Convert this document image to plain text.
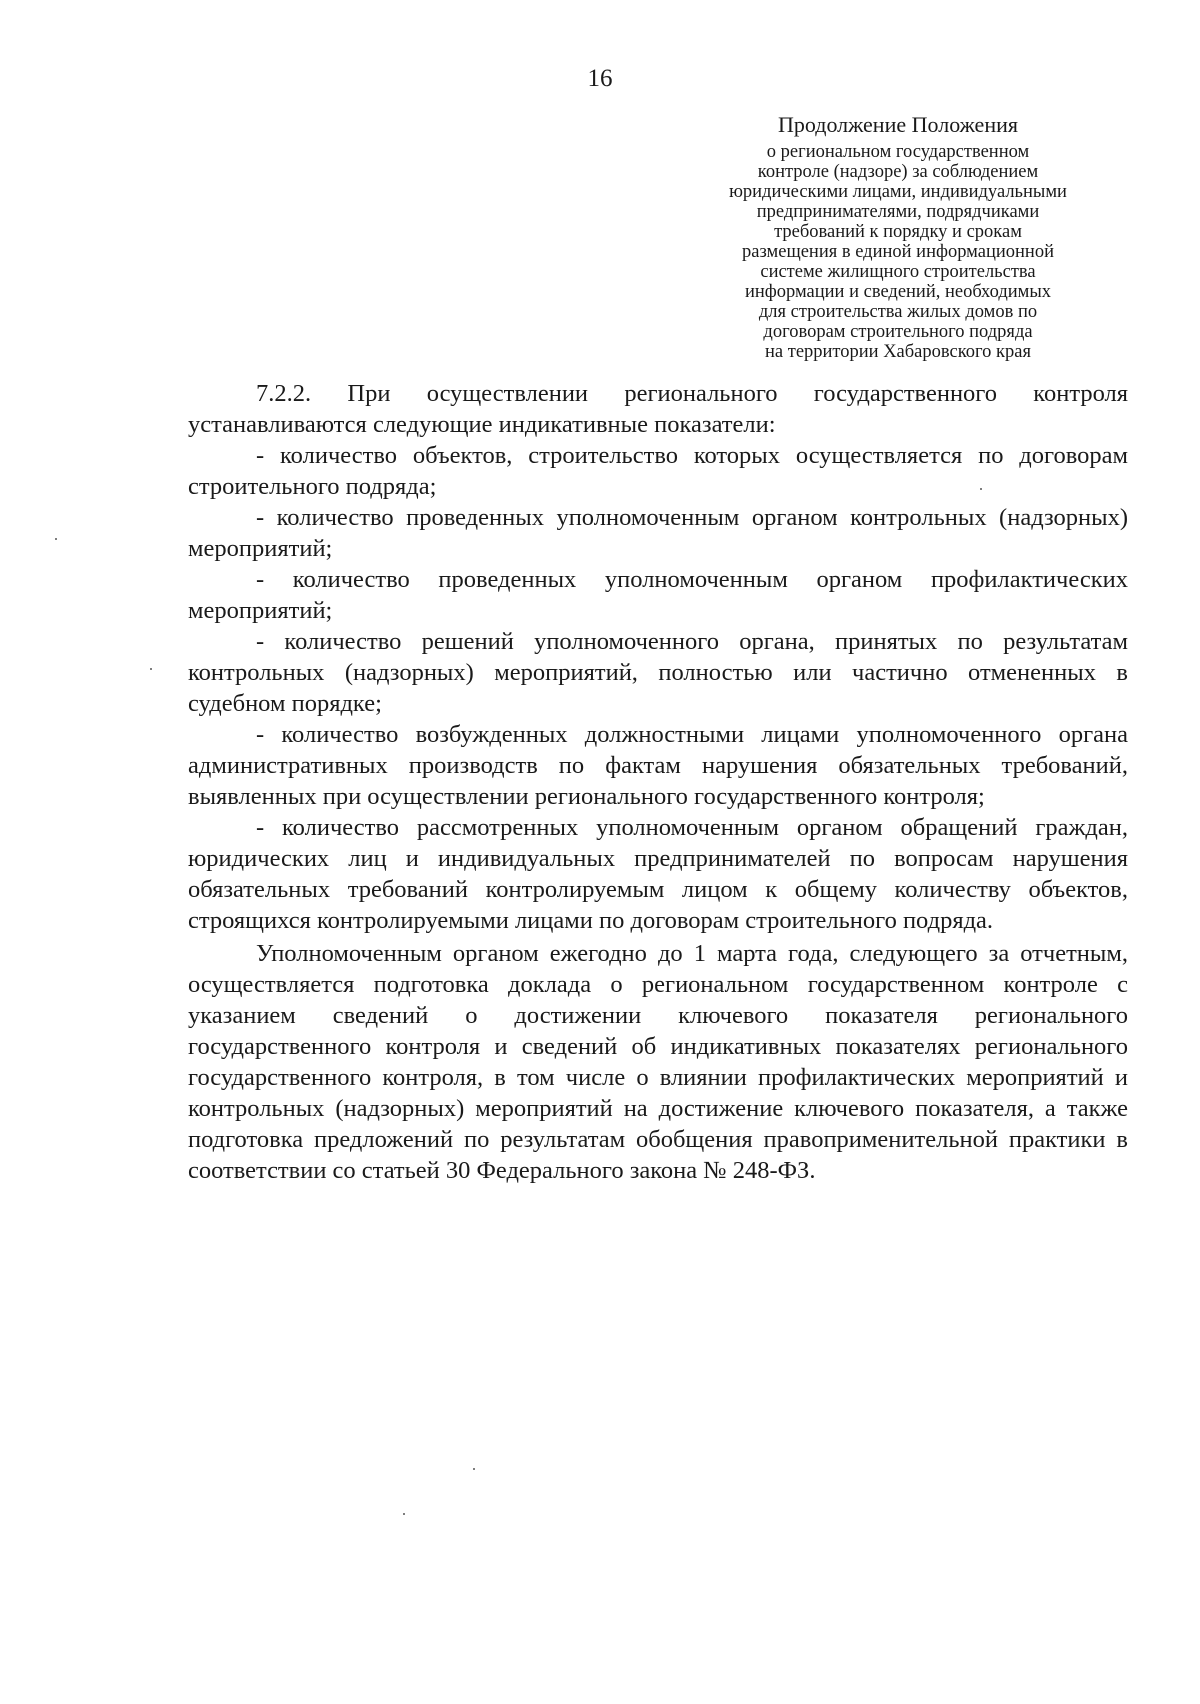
16
Продолжение Положения
о региональном государственном
контроле (надзоре) за соблюдением
юридическими лицами, индивидуальными
предпринимателями, подрядчиками
требований к порядку и срокам
размещения в единой информационной
системе жилищного строительства
информации и сведений, необходимых
для строительства жилых домов по
договорам строительного подряда
на территории Хабаровского края

7.2.2. При осуществлении регионального государственного контроля устанавливаются следующие индикативные показатели:

- количество объектов, строительство которых осуществляется по договорам строительного подряда;

- количество проведенных уполномоченным органом контрольных (надзорных) мероприятий;

- количество проведенных уполномоченным органом профилактических мероприятий;

- количество решений уполномоченного органа, принятых по результатам контрольных (надзорных) мероприятий, полностью или частично отмененных в судебном порядке;

- количество возбужденных должностными лицами уполномоченного органа административных производств по фактам нарушения обязательных требований, выявленных при осуществлении регионального государственного контроля;

- количество рассмотренных уполномоченным органом обращений граждан, юридических лиц и индивидуальных предпринимателей по вопросам нарушения обязательных требований контролируемым лицом к общему количеству объектов, строящихся контролируемыми лицами по договорам строительного подряда.

Уполномоченным органом ежегодно до 1 марта года, следующего за отчетным, осуществляется подготовка доклада о региональном государственном контроле с указанием сведений о достижении ключевого показателя регионального государственного контроля и сведений об индикативных показателях регионального государственного контроля, в том числе о влиянии профилактических мероприятий и контрольных (надзорных) мероприятий на достижение ключевого показателя, а также подготовка предложений по результатам обобщения правоприменительной практики в соответствии со статьей 30 Федерального закона № 248-ФЗ.
